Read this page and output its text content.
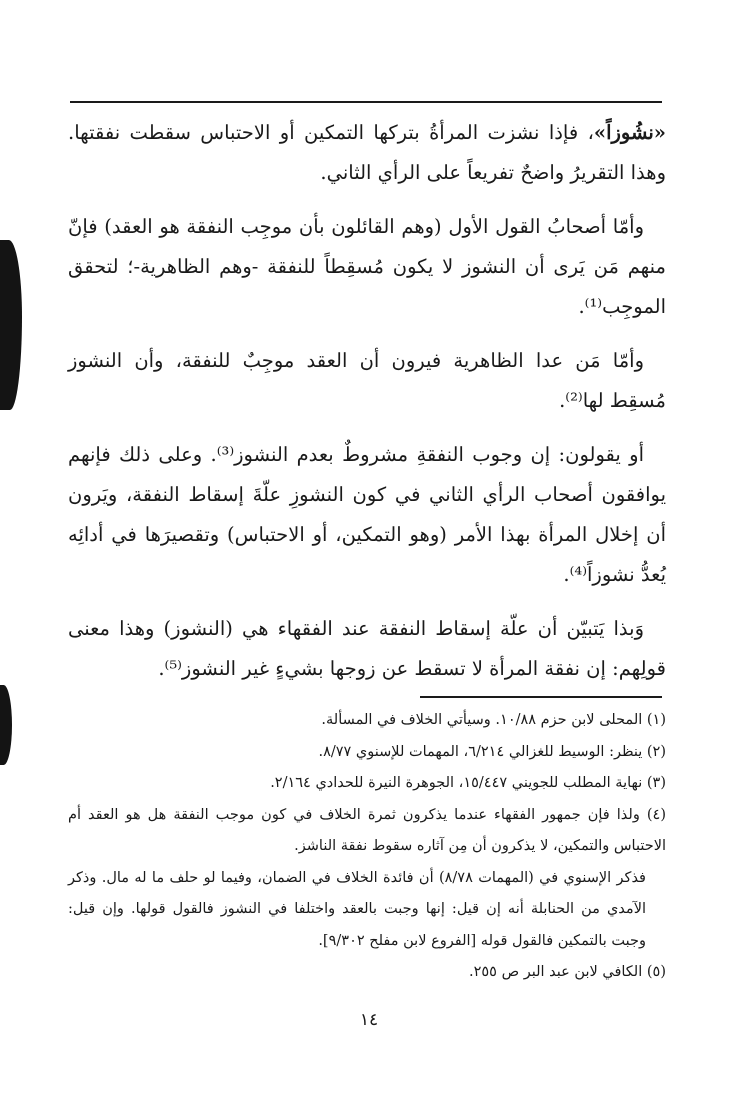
«نشُوزاً»، فإذا نشزت المرأةُ بتركها التمكين أو الاحتباس سقطت نفقتها. وهذا التقريرُ واضحٌ تفريعاً على الرأي الثاني.

وأمّا أصحابُ القول الأول (وهم القائلون بأن موجِب النفقة هو العقد) فإنّ منهم مَن يَرى أن النشوز لا يكون مُسقِطاً للنفقة -وهم الظاهرية-؛ لتحقق الموجِب⁽¹⁾.

وأمّا مَن عدا الظاهرية فيرون أن العقد موجِبٌ للنفقة، وأن النشوز مُسقِط لها⁽²⁾.

أو يقولون: إن وجوب النفقةِ مشروطٌ بعدم النشوز⁽³⁾. وعلى ذلك فإنهم يوافقون أصحاب الرأي الثاني في كون النشوزِ علّةَ إسقاط النفقة، ويَرون أن إخلال المرأة بهذا الأمر (وهو التمكين، أو الاحتباس) وتقصيرَها في أدائِه يُعدُّ نشوزاً⁽⁴⁾.

وَبذا يَتبيّن أن علّة إسقاط النفقة عند الفقهاء هي (النشوز) وهذا معنى قولِهم: إن نفقة المرأة لا تسقط عن زوجها بشيءٍ غير النشوز⁽⁵⁾.

(١) المحلى لابن حزم ١٠/٨٨. وسيأتي الخلاف في المسألة.

(٢) ينظر: الوسيط للغزالي ٦/٢١٤، المهمات للإسنوي ٨/٧٧.

(٣) نهاية المطلب للجويني ١٥/٤٤٧، الجوهرة النيرة للحدادي ٢/١٦٤.

(٤) ولذا فإن جمهور الفقهاء عندما يذكرون ثمرة الخلاف في كون موجب النفقة هل هو العقد أم الاحتباس والتمكين، لا يذكرون أن مِن آثاره سقوط نفقة الناشز.

فذكر الإسنوي في (المهمات ٨/٧٨) أن فائدة الخلاف في الضمان، وفيما لو حلف ما له مال. وذكر الآمدي من الحنابلة أنه إن قيل: إنها وجبت بالعقد واختلفا في النشوز فالقول قولها. وإن قيل: وجبت بالتمكين فالقول قوله [الفروع لابن مفلح ٩/٣٠٢].

(٥) الكافي لابن عبد البر ص ٢٥٥.

١٤
